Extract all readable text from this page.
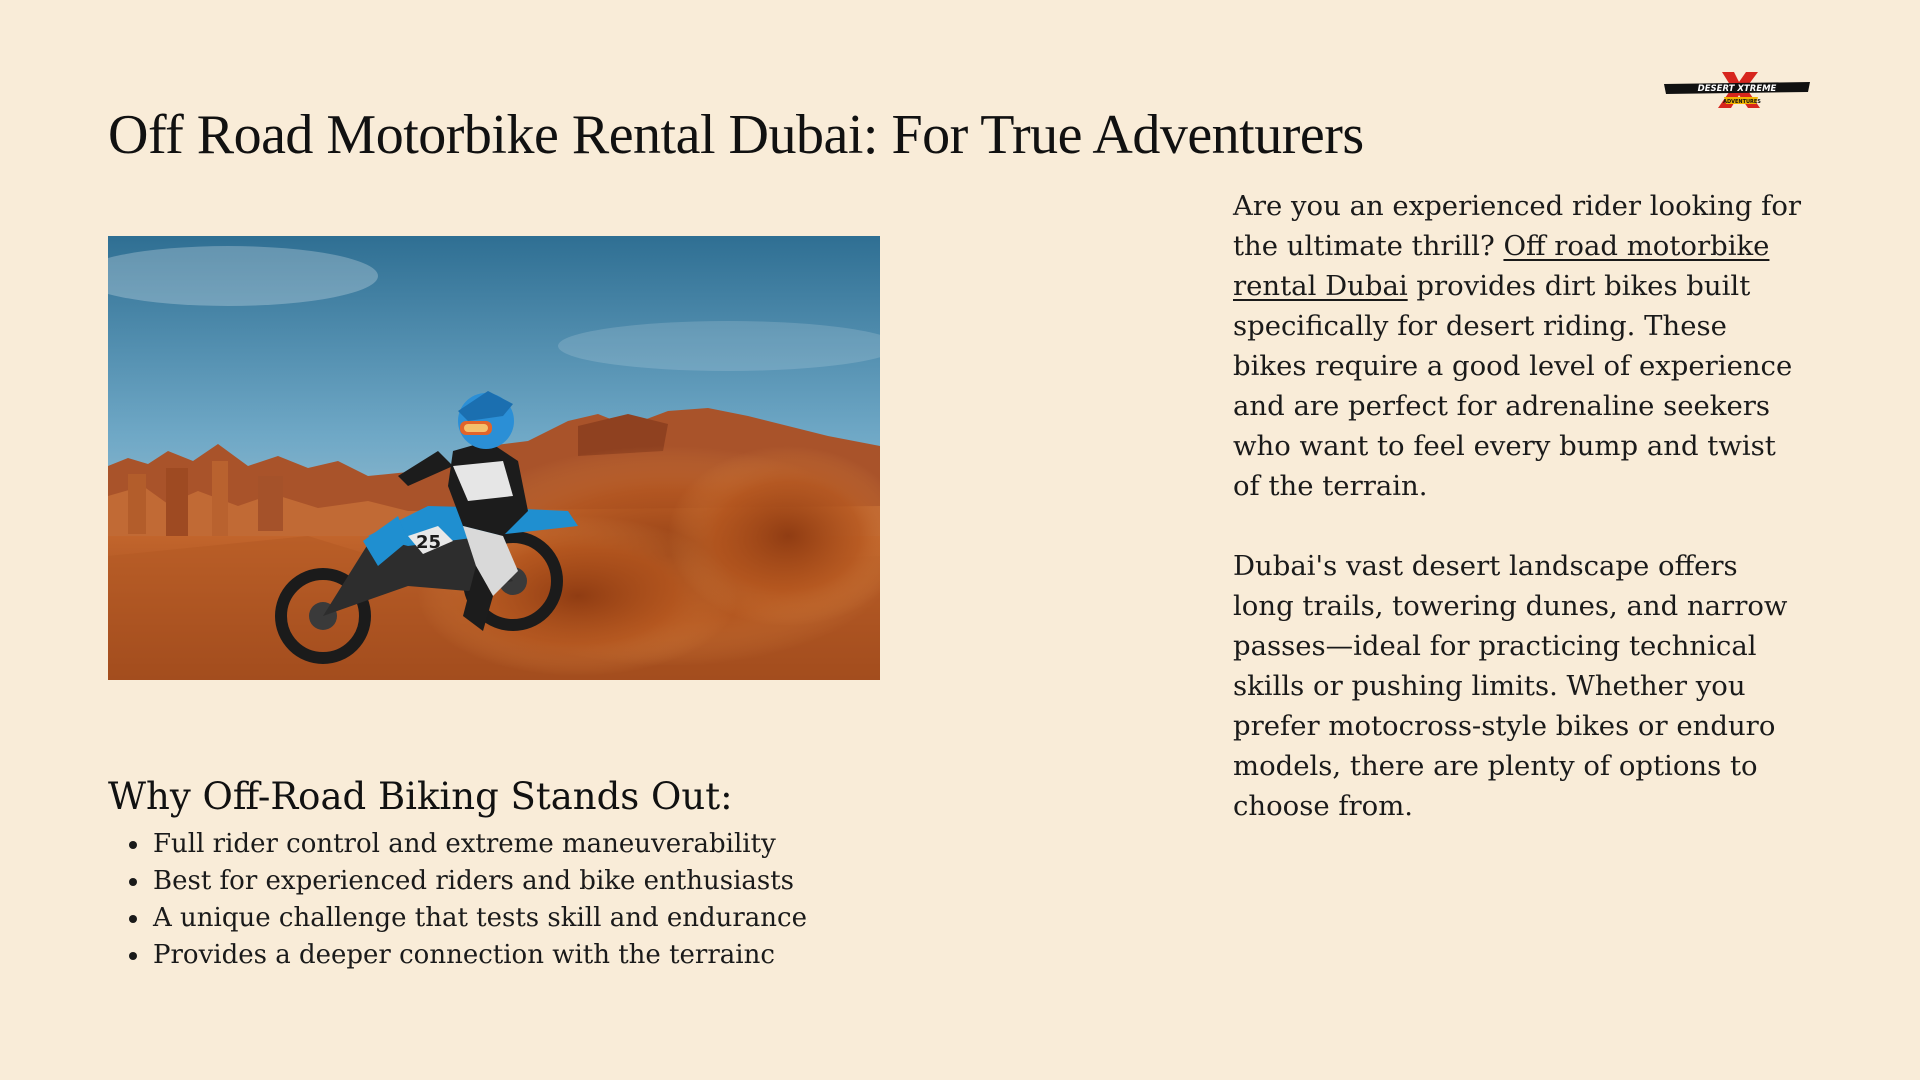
DESERT XTREME
ADVENTURES
Off Road Motorbike Rental Dubai: For True Adventurers
25
Why Off-Road Biking Stands Out:
Full rider control and extreme maneuverability
Best for experienced riders and bike enthusiasts
A unique challenge that tests skill and endurance
Provides a deeper connection with the terrainc

Are you an experienced rider looking for the ultimate thrill? Off road motorbike rental Dubai provides dirt bikes built specifically for desert riding. These bikes require a good level of experience and are perfect for adrenaline seekers who want to feel every bump and twist of the terrain.

Dubai's vast desert landscape offers long trails, towering dunes, and narrow passes—ideal for practicing technical skills or pushing limits. Whether you prefer motocross-style bikes or enduro models, there are plenty of options to choose from.
